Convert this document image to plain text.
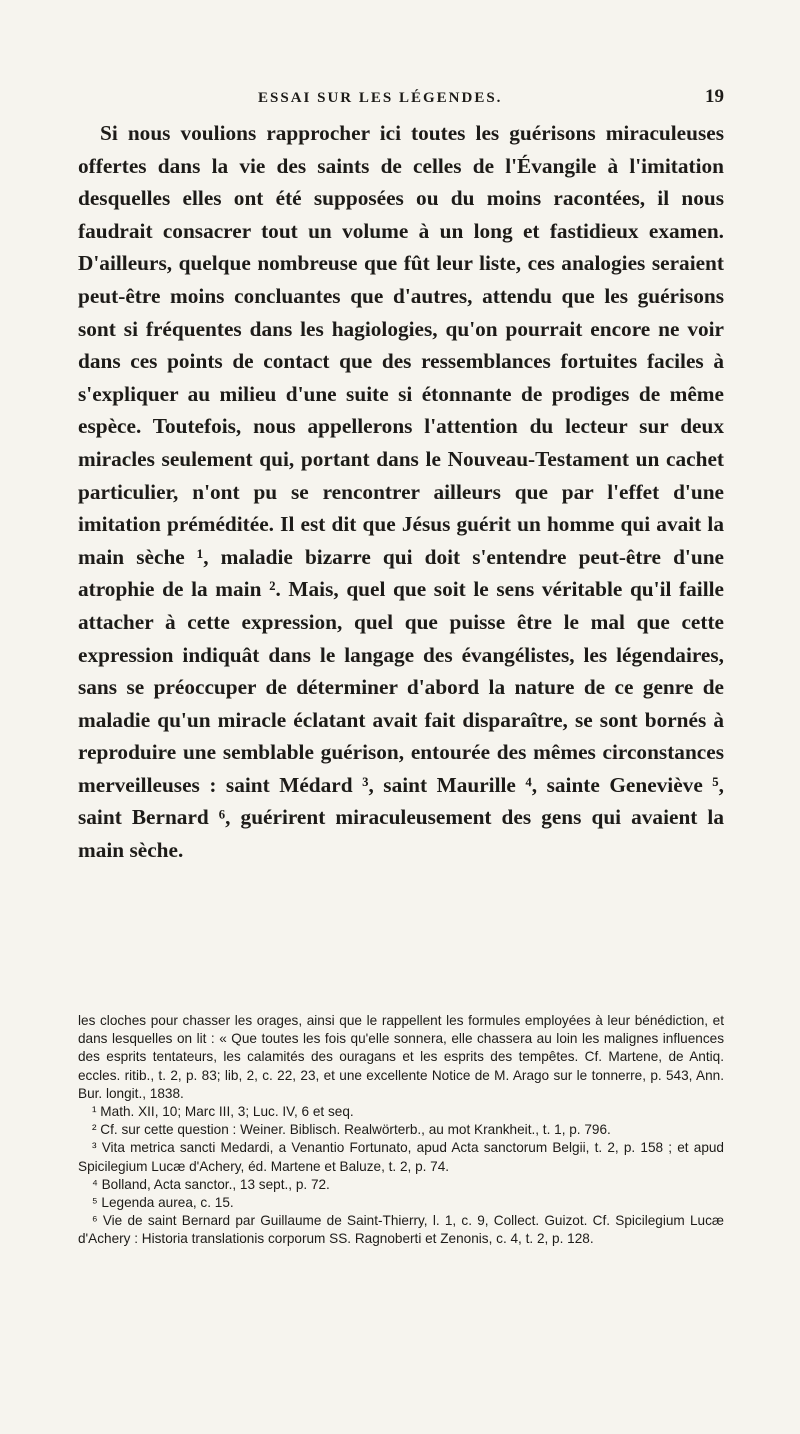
ESSAI SUR LES LÉGENDES.	19

Si nous voulions rapprocher ici toutes les guérisons miraculeuses offertes dans la vie des saints de celles de l'Évangile à l'imitation desquelles elles ont été supposées ou du moins racontées, il nous faudrait consacrer tout un volume à un long et fastidieux examen. D'ailleurs, quelque nombreuse que fût leur liste, ces analogies seraient peut-être moins concluantes que d'autres, attendu que les guérisons sont si fréquentes dans les hagiologies, qu'on pourrait encore ne voir dans ces points de contact que des ressemblances fortuites faciles à s'expliquer au milieu d'une suite si étonnante de prodiges de même espèce. Toutefois, nous appellerons l'attention du lecteur sur deux miracles seulement qui, portant dans le Nouveau-Testament un cachet particulier, n'ont pu se rencontrer ailleurs que par l'effet d'une imitation préméditée. Il est dit que Jésus guérit un homme qui avait la main sèche ¹, maladie bizarre qui doit s'entendre peut-être d'une atrophie de la main ². Mais, quel que soit le sens véritable qu'il faille attacher à cette expression, quel que puisse être le mal que cette expression indiquât dans le langage des évangélistes, les légendaires, sans se préoccuper de déterminer d'abord la nature de ce genre de maladie qu'un miracle éclatant avait fait disparaître, se sont bornés à reproduire une semblable guérison, entourée des mêmes circonstances merveilleuses : saint Médard ³, saint Maurille ⁴, sainte Geneviève ⁵, saint Bernard ⁶, guérirent miraculeusement des gens qui avaient la main sèche.

les cloches pour chasser les orages, ainsi que le rappellent les formules employées à leur bénédiction, et dans lesquelles on lit : « Que toutes les fois qu'elle sonnera, elle chassera au loin les malignes influences des esprits tentateurs, les calamités des ouragans et les esprits des tempêtes. Cf. Martene, de Antiq. eccles. ritib., t. 2, p. 83; lib, 2, c. 22, 23, et une excellente Notice de M. Arago sur le tonnerre, p. 543, Ann. Bur. longit., 1838.

¹ Math. XII, 10; Marc III, 3; Luc. IV, 6 et seq.

² Cf. sur cette question : Weiner. Biblisch. Realwörterb., au mot Krankheit., t. 1, p. 796.

³ Vita metrica sancti Medardi, a Venantio Fortunato, apud Acta sanctorum Belgii, t. 2, p. 158 ; et apud Spicilegium Lucæ d'Achery, éd. Martene et Baluze, t. 2, p. 74.

⁴ Bolland, Acta sanctor., 13 sept., p. 72.

⁵ Legenda aurea, c. 15.

⁶ Vie de saint Bernard par Guillaume de Saint-Thierry, l. 1, c. 9, Collect. Guizot. Cf. Spicilegium Lucæ d'Achery : Historia translationis corporum SS. Ragnoberti et Zenonis, c. 4, t. 2, p. 128.
